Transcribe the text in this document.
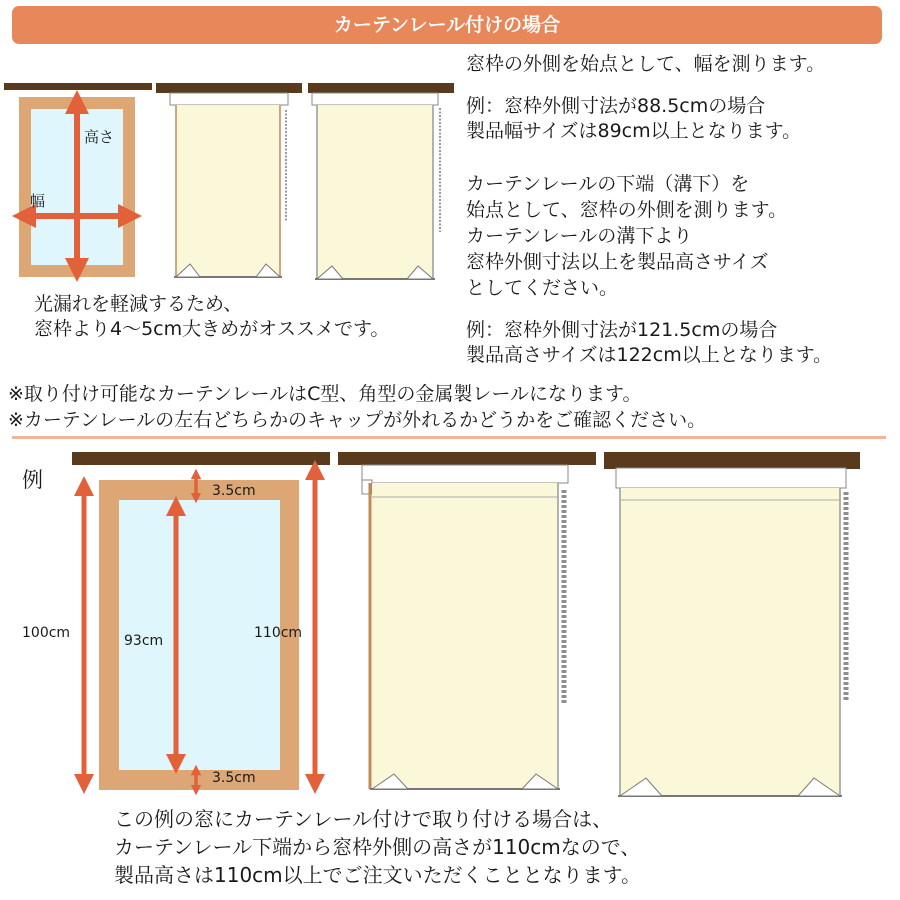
カーテンレール付けの場合
高さ
幅
光漏れを軽減するため、
窓枠より4〜5cm大きめがオススメです。
窓枠の外側を始点として、幅を測ります。
例：窓枠外側寸法が88.5cmの場合
製品幅サイズは89cm以上となります。
カーテンレールの下端（溝下）を
始点として、窓枠の外側を測ります。
カーテンレールの溝下より
窓枠外側寸法以上を製品高さサイズ
としてください。
例：窓枠外側寸法が121.5cmの場合
製品高さサイズは122cm以上となります。
※取り付け可能なカーテンレールはC型、角型の金属製レールになります。
※カーテンレールの左右どちらかのキャップが外れるかどうかをご確認ください。
例	3.5cm
3.5cm
100cm	93cm	110cm
この例の窓にカーテンレール付けで取り付ける場合は、
カーテンレール下端から窓枠外側の高さが110cmなので、
製品高さは110cm以上でご注文いただくこととなります。
